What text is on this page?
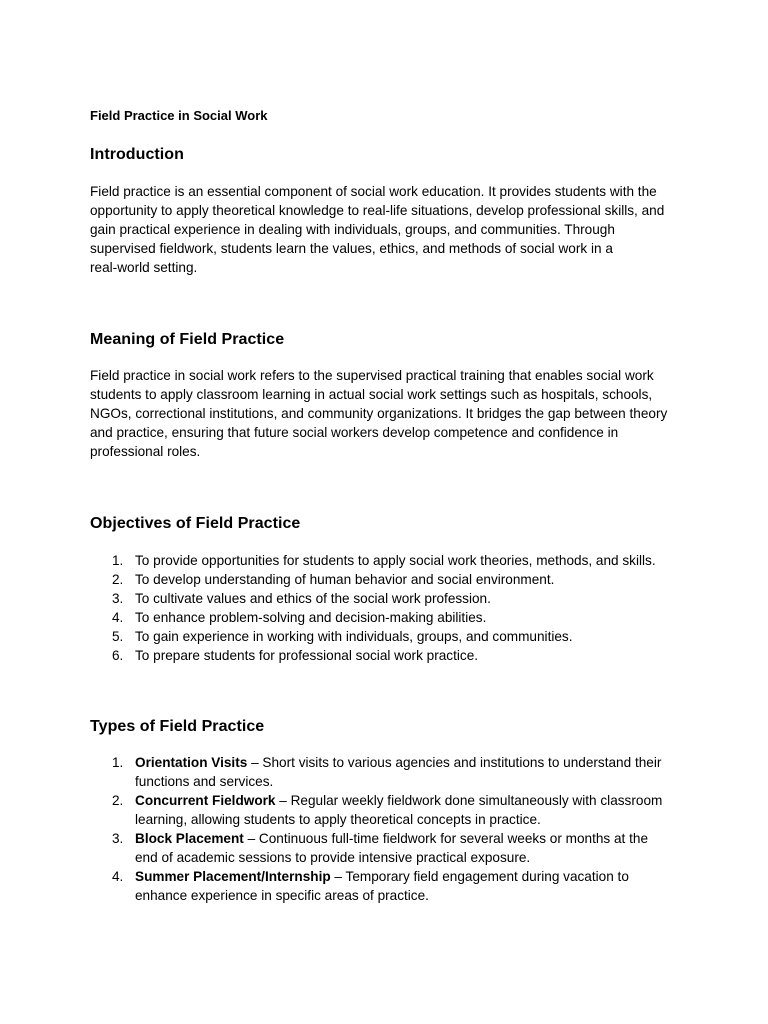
Field Practice in Social Work
Introduction
Field practice is an essential component of social work education. It provides students with the
opportunity to apply theoretical knowledge to real-life situations, develop professional skills, and
gain practical experience in dealing with individuals, groups, and communities. Through
supervised fieldwork, students learn the values, ethics, and methods of social work in a
real-world setting.
Meaning of Field Practice
Field practice in social work refers to the supervised practical training that enables social work
students to apply classroom learning in actual social work settings such as hospitals, schools,
NGOs, correctional institutions, and community organizations. It bridges the gap between theory
and practice, ensuring that future social workers develop competence and confidence in
professional roles.
Objectives of Field Practice
1. To provide opportunities for students to apply social work theories, methods, and skills.
2. To develop understanding of human behavior and social environment.
3. To cultivate values and ethics of the social work profession.
4. To enhance problem-solving and decision-making abilities.
5. To gain experience in working with individuals, groups, and communities.
6. To prepare students for professional social work practice.
Types of Field Practice
1. Orientation Visits – Short visits to various agencies and institutions to understand their
functions and services.
2. Concurrent Fieldwork – Regular weekly fieldwork done simultaneously with classroom
learning, allowing students to apply theoretical concepts in practice.
3. Block Placement – Continuous full-time fieldwork for several weeks or months at the
end of academic sessions to provide intensive practical exposure.
4. Summer Placement/Internship – Temporary field engagement during vacation to
enhance experience in specific areas of practice.
